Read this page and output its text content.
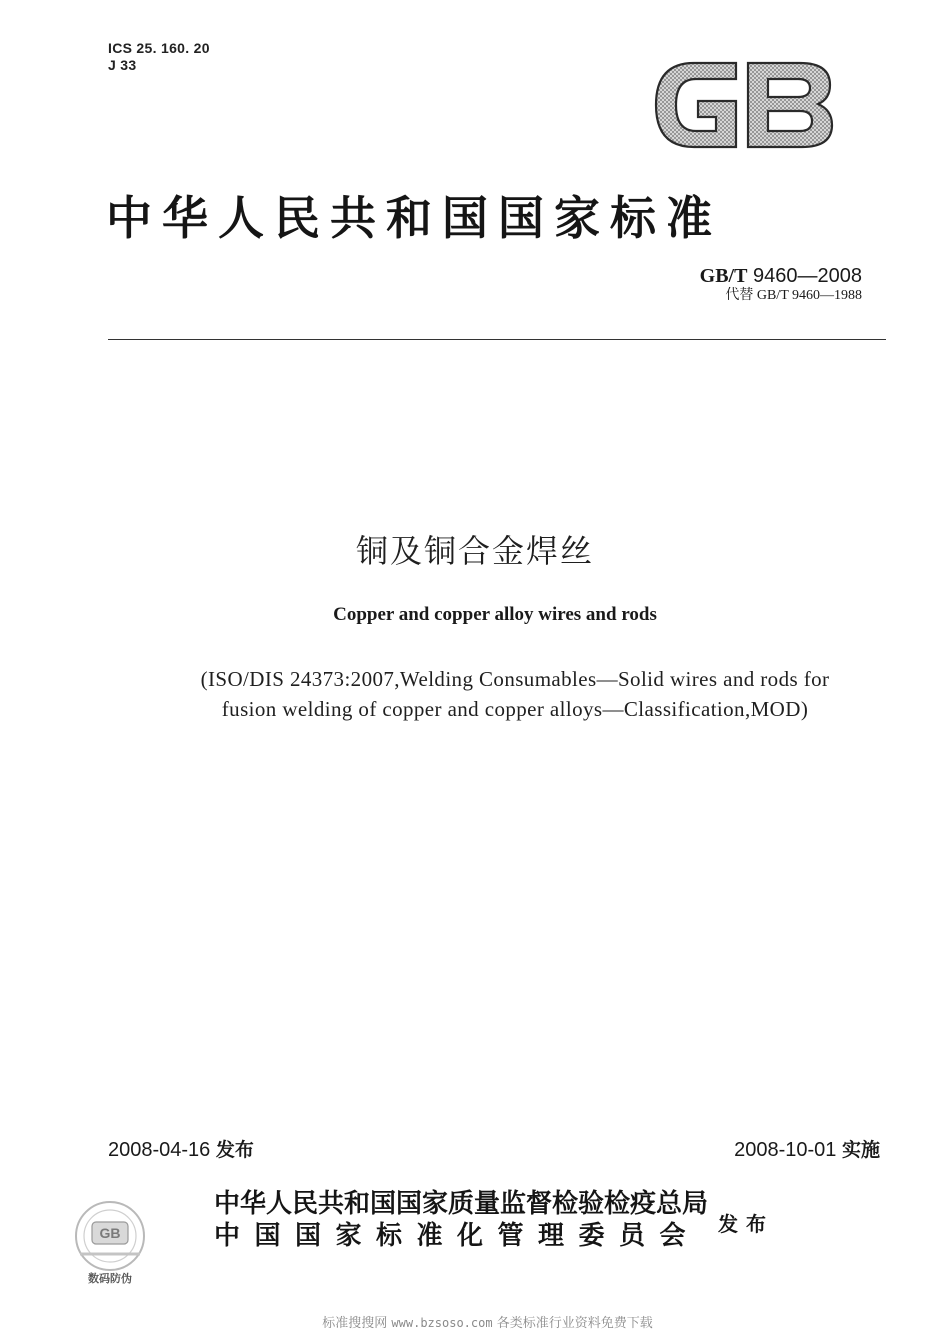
ICS 25. 160. 20
J 33
中华人民共和国国家标准
GB/T 9460—2008
代替 GB/T 9460—1988
铜及铜合金焊丝
Copper and copper alloy wires and rods
(ISO/DIS 24373:2007,Welding Consumables—Solid wires and rods for
fusion welding of copper and copper alloys—Classification,MOD)
2008-04-16 发布	2008-10-01 实施
GB
数码防伪
中华人民共和国国家质量监督检验检疫总局
中国国家标准化管理委员会 发布
标准搜搜网 www.bzsoso.com 各类标准行业资料免费下载
